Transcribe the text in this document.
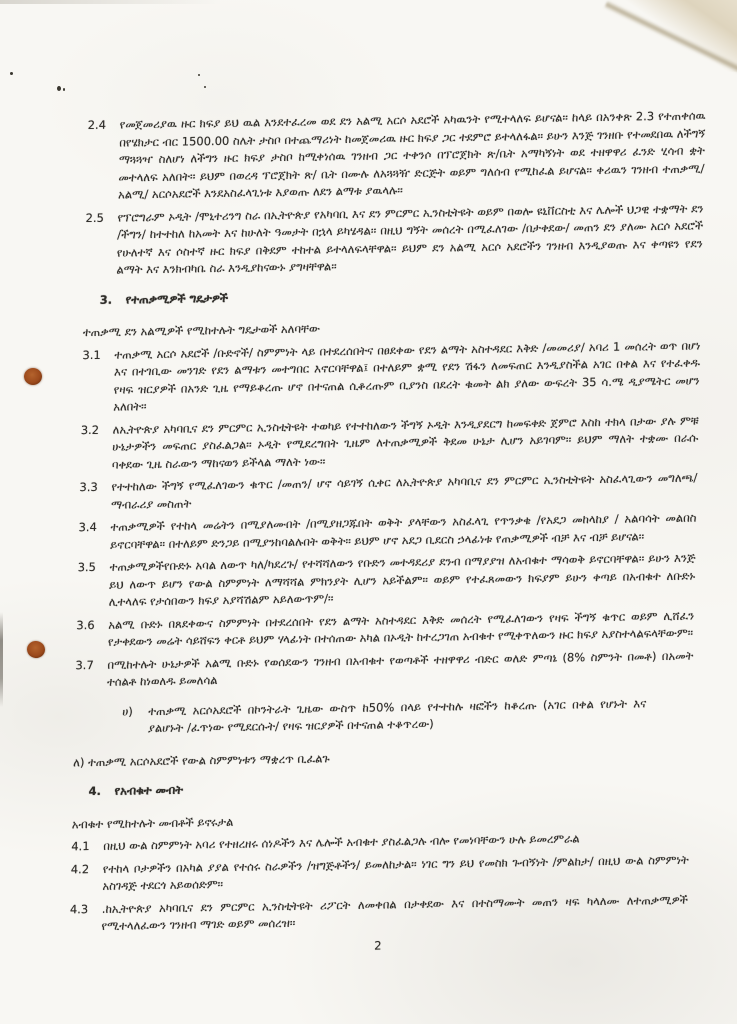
2.4	የመጀመሪያዉ ዙር ክፍያ ይህ ዉል እንደተፈረመ ወደ ደን አልሚ አርሶ አደሮች አካዉንት የሚተላለፍ ይሆናል፡፡ ከላይ በአንቀጽ 2.3 የተጠቀሰዉ በየሄክታር ብር 1500.00 ስሌት ታስቦ በተጨማሪነት ከመጀመሪዉ ዙር ክፍያ ጋር ተደምሮ ይተላለፋል፡፡ ይሁን እንጅ ገንዘቡ የተመደበዉ ለችግኝ ማጓጓዣ ስለሆነ ለችግን ዙር ክፍያ ታስቦ ከሚቀነሰዉ ገንዘብ ጋር ተቀንሶ በፕሮጀክት ጽ/ቤት አማካኝነት ወደ ተዘዋዋሪ ፈንድ ሂሳብ ቋት መተላለፍ አለበት፡፡ ይህም በወረዳ ፕሮጀክት ጽ/ ቤት በሙሉ ለአጓጓዥ ድርጅት ወይም ግለሰብ የሚከፈል ይሆናል፡፡ ቀሪዉን ገንዘብ ተጠቃሚ/አልሚ/ አርሶአደሮች እንደአስፈላጊነቱ እያወጡ ለደን ልማቱ ያዉላሉ፡፡
2.5	የፕሮግራም ኦዲት /ሞኒተሪንግ ስራ በኢትዮጵያ የአካባቢ እና ደን ምርምር ኢንስቲትዩት ወይም በወሎ ዩኒቨርስቲ እና ሌሎች ህጋዊ ተቋማት ደን /ችግን/ ከተተከለ ከአመት እና ከሁለት ዓመታት በኋላ ይካሄዳል፡፡ በዚህ ግኝት መሰረት በሚፈለገው /በታቀደው/ መጠን ደን ያለሙ አርሶ አደሮች የሁለተኛ እና ሶስተኛ ዙር ክፍያ በቅደም ተከተል ይተላለፍላቸዋል፡፡ ይህም ደን አልሚ አርሶ አደሮችን ገንዘብ እንዲያወጡ እና ቀጣዩን የደን ልማት እና እንክብካቤ ስራ እንዲያከናውኑ ያግዛቸዋል፡፡
3.	የተጠቃሚዎች ግዴታዎች
ተጠቃሚ ደን አልሚዎች የሚከተሉት ግዴታወች አለባቸው
3.1	ተጠቃሚ አርሶ አደሮች /ቡድኖች/ ስምምነት ላይ በተደረሰበትና በፀደቀው የደን ልማት አስተዳደር እቅድ /መመሪያ/ አባሪ 1 መሰረት ወጥ በሆነ እና በተገቢው መንገድ የደን ልማቱን መተግበር እኖርባቸዋል፤ በተለይም ቋሚ የደን ሽፋን ለመፍጠር እንዲያስችል አገር በቀል እና የተፈቀዱ የዛፍ ዝርያዎች በአንድ ጊዜ የማይቆረጡ ሆኖ በተናጠል ሲቆረጡም ቢያንስ በደረት ቁመት ልክ ያለው ውፍረት 35 ሳ.ሜ ዲያሜትር መሆን አለበት፡፡
3.2	ለኢትዮጵያ አካባቢና ደን ምርምር ኢንስቲትዩት ተወካይ የተተከለውን ችግኝ ኦዲት እንዲያደርግ ከመፍቀድ ጀምሮ እስከ ተክላ በታው ያሉ ምቹ ሁኔታዎችን መፍጠር ያስፈልጋል፡፡ ኦዲት የሚደረግበት ጊዜም ለተጠቃሚዎች ቅደመ ሁኔታ ሊሆን አይገባም፡፡ ይህም ማለት ተቋሙ በራሱ ባቀደው ጊዜ ስራውን ማከናወን ይችላል ማለት ነው፡፡
3.3	የተተከለው ችግኝ የሚፈለገውን ቁጥር /መጠን/ ሆኖ ሳይገኝ ሲቀር ለኢትዮጵያ አካባቢና ደን ምርምር ኢንስቲትዩት አስፈላጊውን መግለጫ/ማብራሪያ መስጠት
3.4	ተጠቃሚዎች የተከላ መሬትን በሚያለሙበት /በሚያዘጋጁበት ወቅት ያላቸውን አስፈላጊ የጥንቃቄ /የአደጋ መከላከያ / አልባሳት መልበስ ይኖርባቸዋል፡፡ በተለይም ድንጋይ በሚያንከባልሉበት ወቅት፡፡ ይህም ሆኖ አደጋ ቢደርስ ኃላፊነቱ የጠቃሚዎች ብቻ እና ብቻ ይሆናል፡፡
3.5	ተጠቃሚዎችየቡድኑ አባል ለውጥ ካለ/ካደረጉ/ የተሻሻለውን የቡድን መተዳደሪያ ደንብ በማያያዝ ለአብቁተ ማሳወቅ ይኖርባቸዋል፡፡ ይሁን እንጅ ይህ ለውጥ ይሆን የውል ስምምነት ለማሻሻል ምክንያት ሊሆን አይችልም፡፡ ወይም የተፈጸመውን ክፍያም ይሁን ቀጣይ በአብቁተ ለቡድኑ ሊተላለፍ የታሰበውን ክፍያ አያሻሽልም አይለውጥም/፡፡
3.6	አልሚ ቡድኑ በጸደቀውና ስምምነት በተደረሰበት የደን ልማት አስተዳደር እቅድ መሰረት የሚፈለገውን የዛፍ ችግኝ ቁጥር ወይም ሊሸፈን የታቀደውን መሬት ሳይሸፍን ቀርቶ ይህም ሃላፊነት በተሰጠው አካል በኦዲት ከተረጋገጠ አብቁተ የሚቀጥለውን ዙር ክፍያ አያስተላልፍላቸውም፡፡
3.7	በሚከተሉት ሁኔታዎች አልሚ ቡድኑ የወሰደውን ገንዘብ በአብቁተ የወጣቶች ተዘዋዋሪ ብድር ወለድ ምጣኔ (8% ስምንት በመቶ) በአመት ተሰልቶ ከነወለዱ ይመለሳል
ሀ)	ተጠቃሚ አርሶአደሮች በኮንትራት ጊዜው ውስጥ ከ50% በላይ የተተከሉ ዛፎችን ከቆረጡ (አገር በቀል የሆኑት እና ያልሆኑት /ፈጥነው የሚደርሱት/ የዛፍ ዝርያዎች በተናጠል ተቆጥረው)
ለ) ተጠቃሚ አርሶአደሮች የውል ስምምነቱን ማቋረጥ ቢፈልጉ
4.	የአብቁተ መብት
አብቁተ የሚከተሉት መብቶች ይኖሩታል
4.1	በዚህ ውል ስምምነት አባሪ የተዘረዘሩ ሰነዶችን እና ሌሎች አብቁተ ያስፈልጋሉ ብሎ የመነባቸውን ሁሉ ይመረምራል
4.2	የተከላ ቦታዎችን በአካል ያያል የተሰሩ ስራዎችን /ዝግጅቶችን/ ይመለከታል፡፡ ነገር ግን ይህ የመስክ ጉብኝነት /ምልከታ/ በዚህ ውል ስምምነት አስገዳጅ ተደርጎ አይወሰድም፡፡
4.3	.ከኢትዮጵያ አካባቢና ደን ምርምር ኢንስቲትዩት ሪፖርት ለመቀበል በታቀደው እና በተስማሙት መጠን ዛፍ ካላለሙ ለተጠቃሚዎች የሚተላለፈውን ገንዘብ ማገድ ወይም መሰረዝ፡፡
2
